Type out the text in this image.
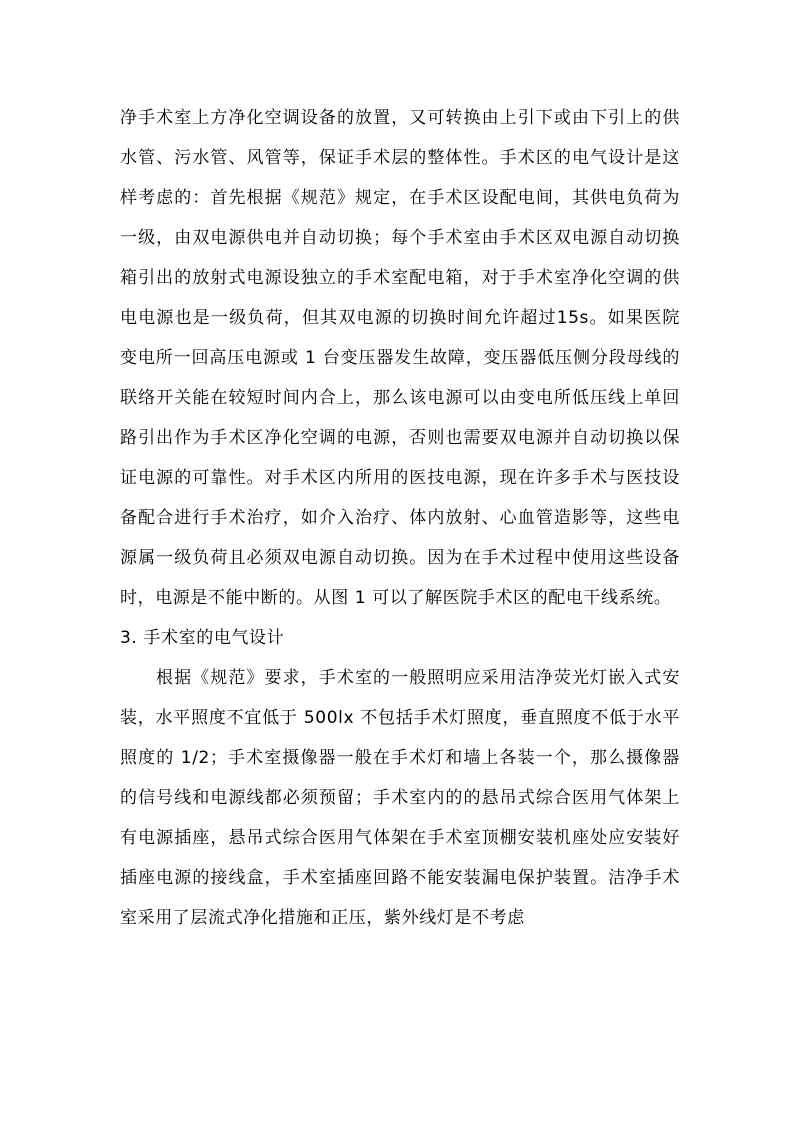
净手术室上方净化空调设备的放置，又可转换由上引下或由下引上的供水管、污水管、风管等，保证手术层的整体性。手术区的电气设计是这样考虑的：首先根据《规范》规定，在手术区设配电间，其供电负荷为一级，由双电源供电并自动切换；每个手术室由手术区双电源自动切换箱引出的放射式电源设独立的手术室配电箱，对于手术室净化空调的供电电源也是一级负荷，但其双电源的切换时间允许超过15s。如果医院变电所一回高压电源或 1 台变压器发生故障，变压器低压侧分段母线的联络开关能在较短时间内合上，那么该电源可以由变电所低压线上单回路引出作为手术区净化空调的电源，否则也需要双电源并自动切换以保证电源的可靠性。对手术区内所用的医技电源，现在许多手术与医技设备配合进行手术治疗，如介入治疗、体内放射、心血管造影等，这些电源属一级负荷且必须双电源自动切换。因为在手术过程中使用这些设备时，电源是不能中断的。从图 1 可以了解医院手术区的配电干线系统。

3. 手术室的电气设计

根据《规范》要求，手术室的一般照明应采用洁净荧光灯嵌入式安装，水平照度不宜低于 500lx 不包括手术灯照度，垂直照度不低于水平照度的 1/2；手术室摄像器一般在手术灯和墙上各装一个，那么摄像器的信号线和电源线都必须预留；手术室内的的悬吊式综合医用气体架上有电源插座，悬吊式综合医用气体架在手术室顶棚安装机座处应安装好插座电源的接线盒，手术室插座回路不能安装漏电保护装置。洁净手术室采用了层流式净化措施和正压，紫外线灯是不考虑
